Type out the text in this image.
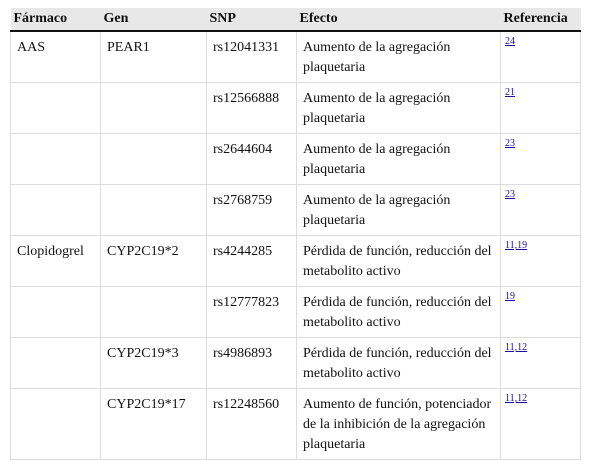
Fármaco	Gen	SNP	Efecto	Referencia
AAS	PEAR1	rs12041331	Aumento de la agregación plaquetaria	$^{24}$
		rs12566888	Aumento de la agregación plaquetaria	$^{21}$
		rs2644604	Aumento de la agregación plaquetaria	$^{23}$
		rs2768759	Aumento de la agregación plaquetaria	$^{23}$
Clopidogrel	CYP2C19*2	rs4244285	Pérdida de función, reducción del metabolito activo	$^{11,19}$
		rs12777823	Pérdida de función, reducción del metabolito activo	$^{19}$
	CYP2C19*3	rs4986893	Pérdida de función, reducción del metabolito activo	$^{11,12}$
	CYP2C19*17	rs12248560	Aumento de función, potenciador de la inhibición de la agregación plaquetaria	$^{11,12}$
